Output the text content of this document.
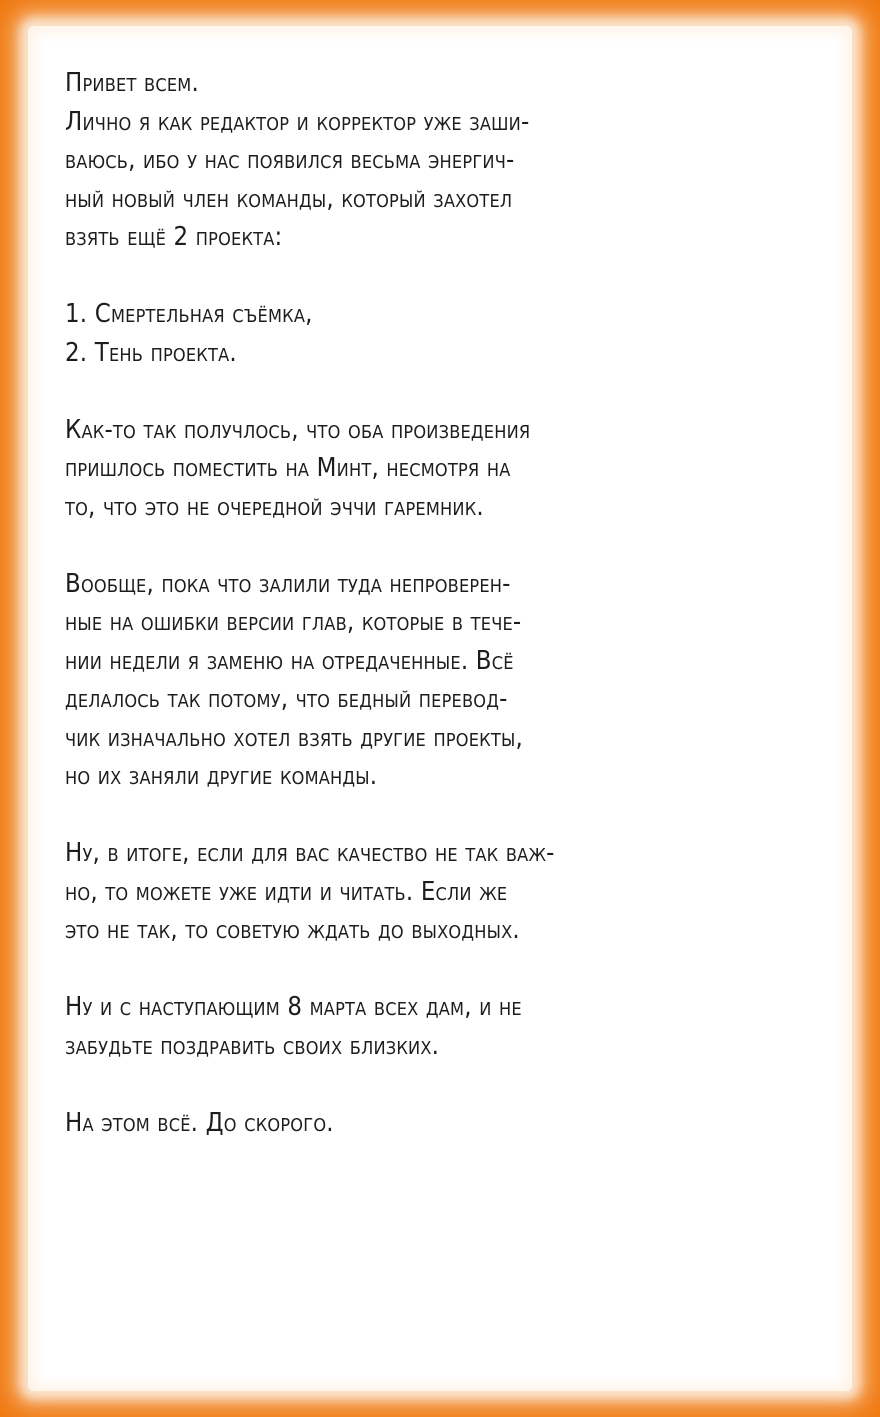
Привет всем.
Лично я как редактор и корректор уже заши-
ваюсь, ибо у нас появился весьма энергич-
ный новый член команды, который захотел
взять ещё 2 проекта:

1. Смертельная съёмка,
2. Тень проекта.

Как-то так получлось, что оба произведения
пришлось поместить на Минт, несмотря на
то, что это не очередной эччи гаремник.

Вообще, пока что залили туда непроверен-
ные на ошибки версии глав, которые в тече-
нии недели я заменю на отредаченные. Всё
делалось так потому, что бедный перевод-
чик изначально хотел взять другие проекты,
но их заняли другие команды.

Ну, в итоге, если для вас качество не так важ-
но, то можете уже идти и читать. Если же
это не так, то советую ждать до выходных.

Ну и с наступающим 8 марта всех дам, и не
забудьте поздравить своих близких.

На этом всё. До скорого.
